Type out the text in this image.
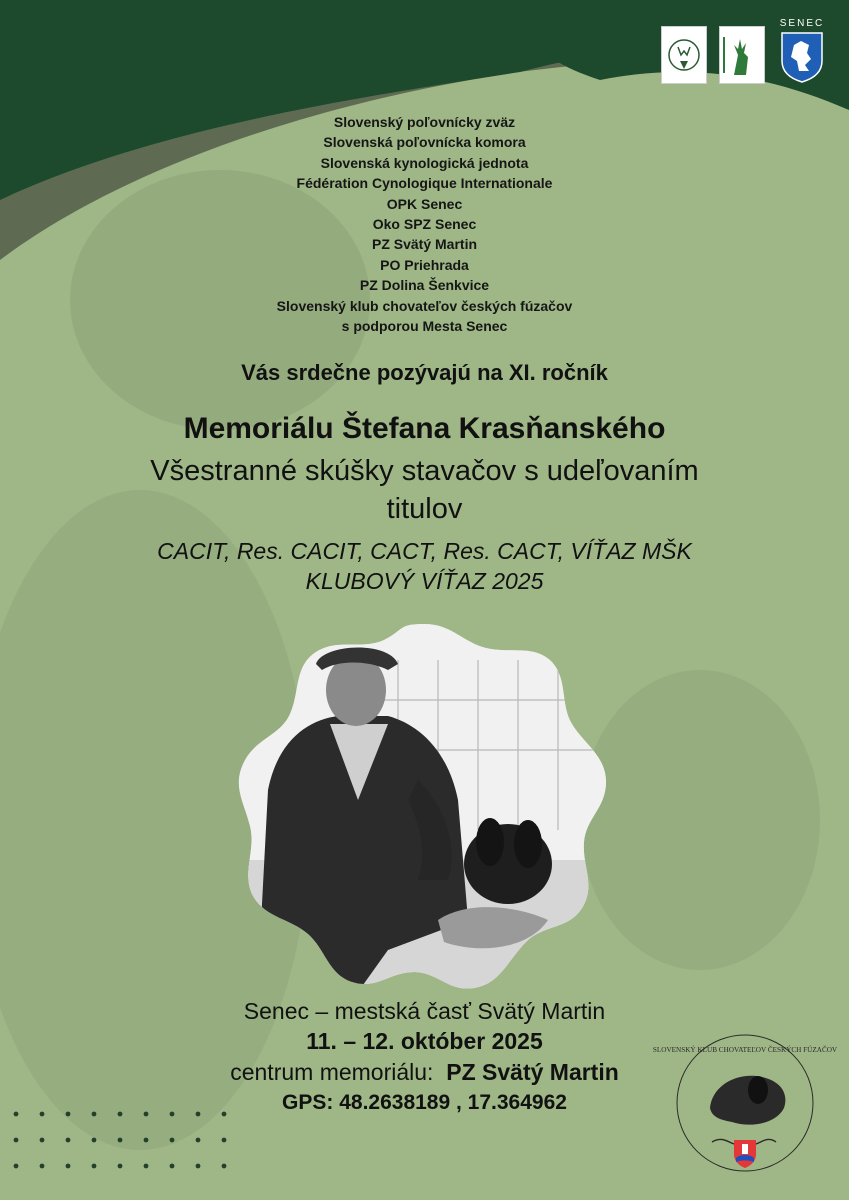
SENEC
Slovenský poľovnícky zväz
Slovenská poľovnícka komora
Slovenská kynologická jednota
Fédération Cynologique Internationale
OPK Senec
Oko SPZ Senec
PZ Svätý Martin
PO Priehrada
PZ Dolina Šenkvice
Slovenský klub chovateľov českých fúzačov
s podporou Mesta Senec
Vás srdečne pozývajú na XI. ročník
Memoriálu Štefana Krasňanského
Všestranné skúšky stavačov s udeľovaním titulov
CACIT, Res. CACIT, CACT, Res. CACT, VÍŤAZ MŠK
KLUBOVÝ VÍŤAZ 2025
Senec – mestská časť Svätý Martin
11. – 12. október 2025
centrum memoriálu: PZ Svätý Martin
GPS: 48.2638189 , 17.364962
SLOVENSKÝ KLUB CHOVATEĽOV ČESKÝCH FÚZAČOV
